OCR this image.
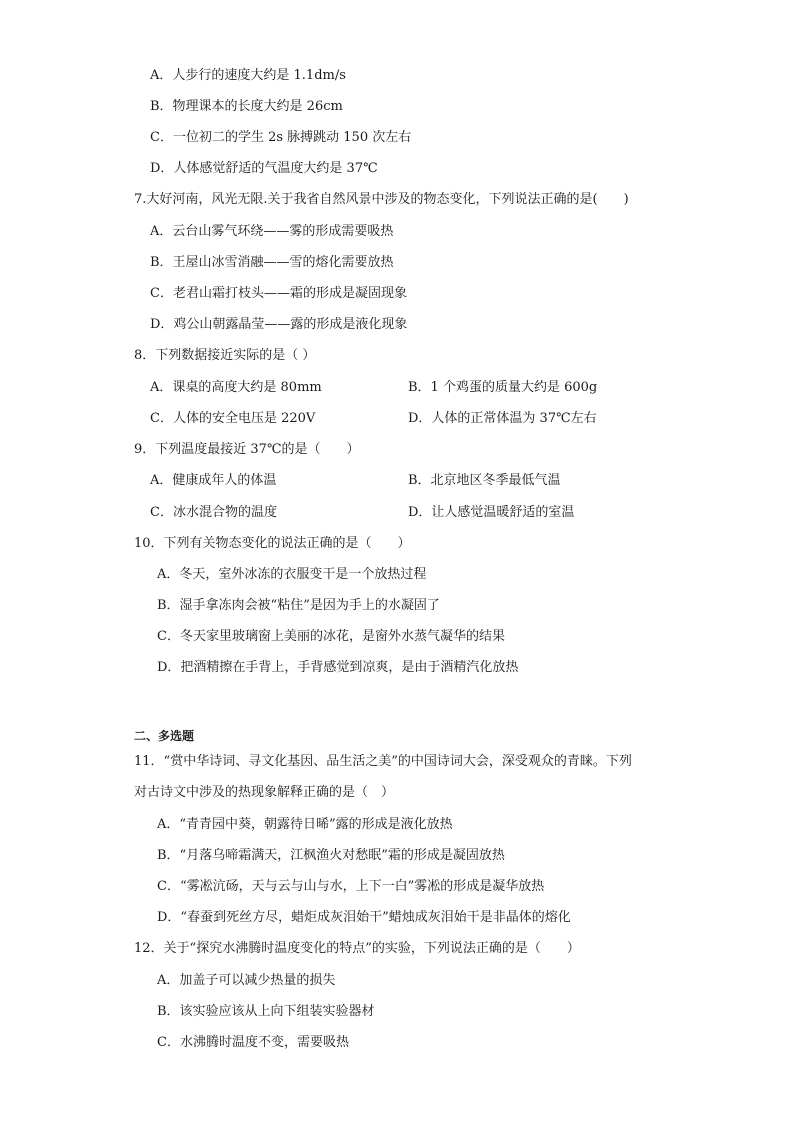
A．人步行的速度大约是 1.1dm/s
B．物理课本的长度大约是 26cm
C．一位初二的学生 2s 脉搏跳动 150 次左右
D．人体感觉舒适的气温度大约是 37℃
7.大好河南，风光无限.关于我省自然风景中涉及的物态变化，下列说法正确的是(　　)
A．云台山雾气环绕——雾的形成需要吸热
B．王屋山冰雪消融——雪的熔化需要放热
C．老君山霜打枝头——霜的形成是凝固现象
D．鸡公山朝露晶莹——露的形成是液化现象
8．下列数据接近实际的是（ ）
A．课桌的高度大约是 80mm	B．1 个鸡蛋的质量大约是 600g
C．人体的安全电压是 220V	D．人体的正常体温为 37℃左右
9．下列温度最接近 37℃的是（　　）
A．健康成年人的体温	B．北京地区冬季最低气温
C．冰水混合物的温度	D．让人感觉温暖舒适的室温
10．下列有关物态变化的说法正确的是（　　）
A．冬天，室外冰冻的衣服变干是一个放热过程
B．湿手拿冻肉会被“粘住”是因为手上的水凝固了
C．冬天家里玻璃窗上美丽的冰花，是窗外水蒸气凝华的结果
D．把酒精擦在手背上，手背感觉到凉爽，是由于酒精汽化放热
二、多选题
11．“赏中华诗词、寻文化基因、品生活之美”的中国诗词大会，深受观众的青睐。下列
对古诗文中涉及的热现象解释正确的是（　）
A．“青青园中葵，朝露待日晞”露的形成是液化放热
B．“月落乌啼霜满天，江枫渔火对愁眠”霜的形成是凝固放热
C．“雾凇沆砀，天与云与山与水，上下一白”雾凇的形成是凝华放热
D．“春蚕到死丝方尽，蜡炬成灰泪始干”蜡烛成灰泪始干是非晶体的熔化
12．关于“探究水沸腾时温度变化的特点”的实验，下列说法正确的是（　　）
A．加盖子可以减少热量的损失
B．该实验应该从上向下组装实验器材
C．水沸腾时温度不变，需要吸热
